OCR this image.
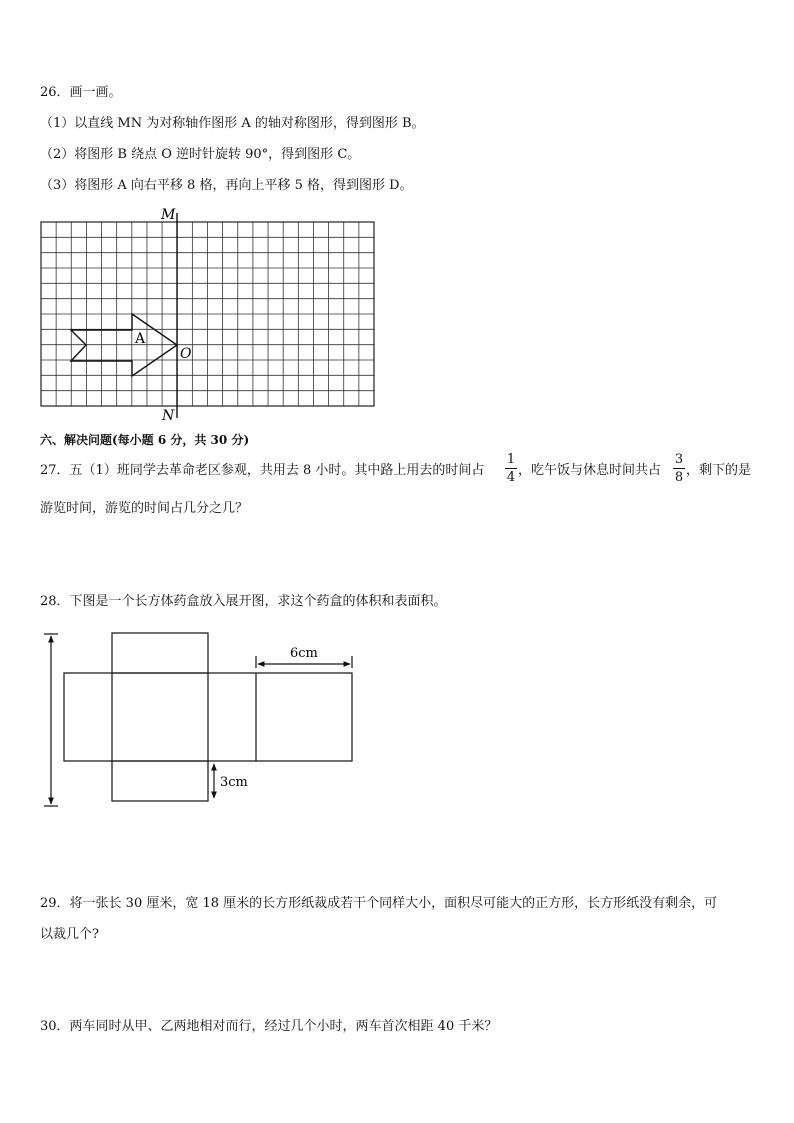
26．画一画。
（1）以直线 MN 为对称轴作图形 A 的轴对称图形，得到图形 B。
（2）将图形 B 绕点 O 逆时针旋转 90°，得到图形 C。
（3）将图形 A 向右平移 8 格，再向上平移 5 格，得到图形 D。
M
N
O
A
六、解决问题(每小题 6 分，共 30 分)
27．五（1）班同学去革命老区参观，共用去 8 小时。其中路上用去的时间占
1
4 ，吃午饭与休息时间共占
3
8 ，剩下的是
游览时间，游览的时间占几分之几？
28．下图是一个长方体药盒放入展开图，求这个药盒的体积和表面积。
6cm
3cm
29．将一张长 30 厘米，宽 18 厘米的长方形纸裁成若干个同样大小，面积尽可能大的正方形，长方形纸没有剩余，可
以裁几个?
30．两车同时从甲、乙两地相对而行，经过几个小时，两车首次相距 40 千米？
